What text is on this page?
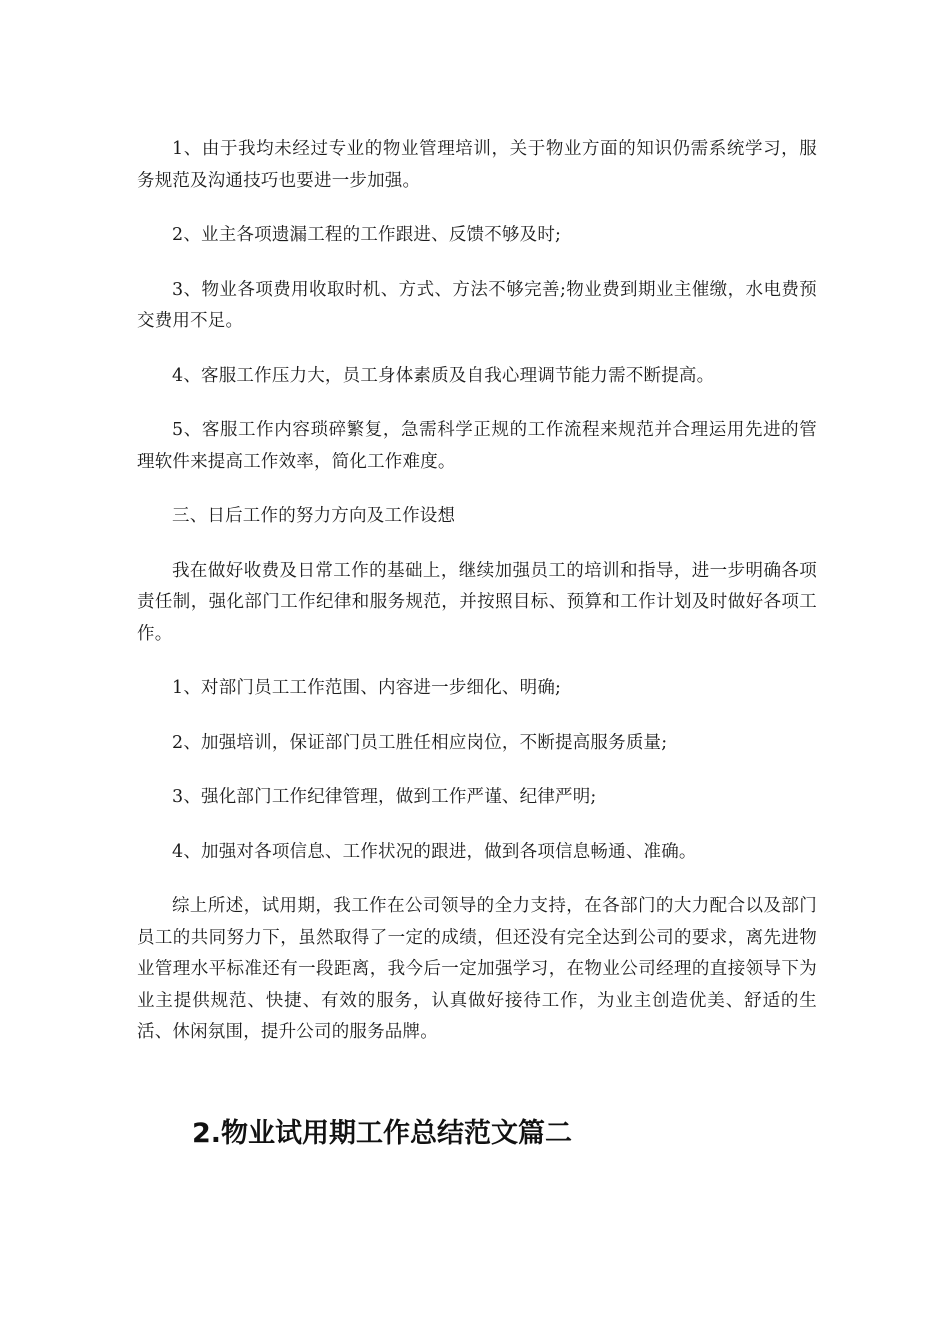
1、由于我均未经过专业的物业管理培训，关于物业方面的知识仍需系统学习，服务规范及沟通技巧也要进一步加强。

2、业主各项遗漏工程的工作跟进、反馈不够及时;

3、物业各项费用收取时机、方式、方法不够完善;物业费到期业主催缴，水电费预交费用不足。

4、客服工作压力大，员工身体素质及自我心理调节能力需不断提高。

5、客服工作内容琐碎繁复，急需科学正规的工作流程来规范并合理运用先进的管理软件来提高工作效率，简化工作难度。

三、日后工作的努力方向及工作设想

我在做好收费及日常工作的基础上，继续加强员工的培训和指导，进一步明确各项责任制，强化部门工作纪律和服务规范，并按照目标、预算和工作计划及时做好各项工作。

1、对部门员工工作范围、内容进一步细化、明确;

2、加强培训，保证部门员工胜任相应岗位，不断提高服务质量;

3、强化部门工作纪律管理，做到工作严谨、纪律严明;

4、加强对各项信息、工作状况的跟进，做到各项信息畅通、准确。

综上所述，试用期，我工作在公司领导的全力支持，在各部门的大力配合以及部门员工的共同努力下，虽然取得了一定的成绩，但还没有完全达到公司的要求，离先进物业管理水平标准还有一段距离，我今后一定加强学习，在物业公司经理的直接领导下为业主提供规范、快捷、有效的服务，认真做好接待工作，为业主创造优美、舒适的生活、休闲氛围，提升公司的服务品牌。

2.物业试用期工作总结范文篇二
